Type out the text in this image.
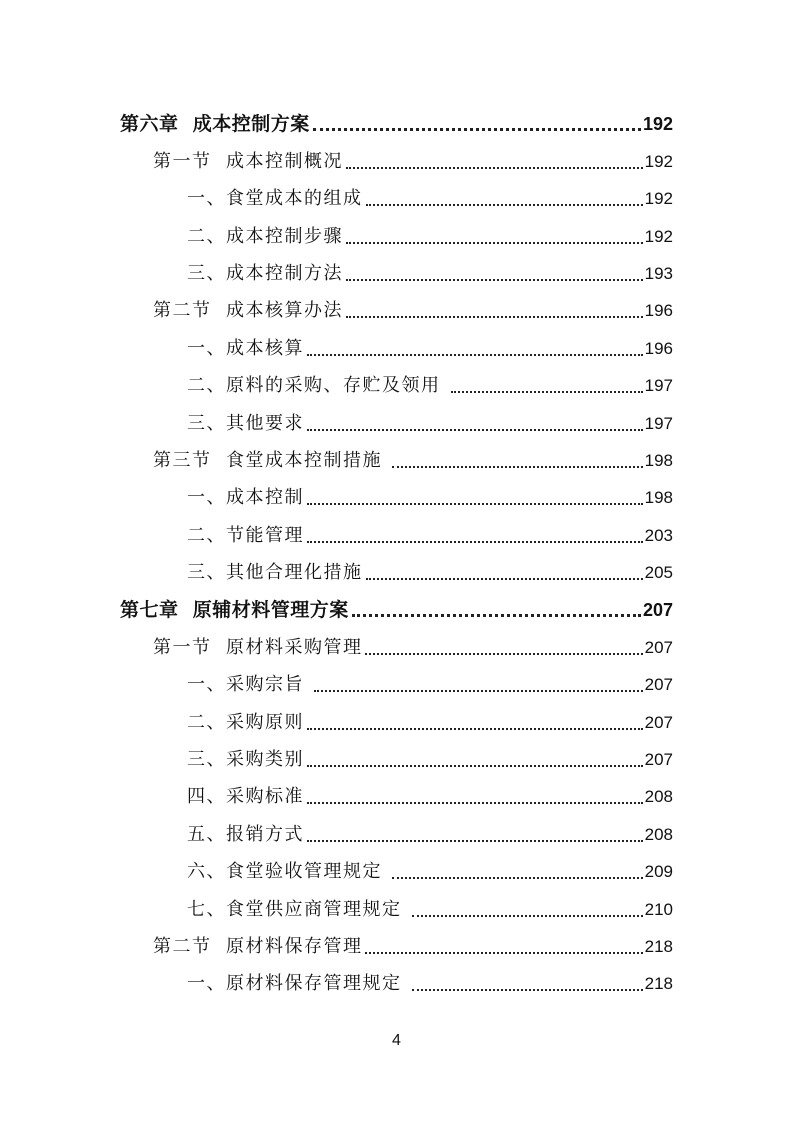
第六章  成本控制方案	192
第一节  成本控制概况	192
一、食堂成本的组成	192
二、成本控制步骤	192
三、成本控制方法	193
第二节  成本核算办法	196
一、成本核算	196
二、原料的采购、存贮及领用	197
三、其他要求	197
第三节  食堂成本控制措施	198
一、成本控制	198
二、节能管理	203
三、其他合理化措施	205
第七章  原辅材料管理方案	207
第一节  原材料采购管理	207
一、采购宗旨	207
二、采购原则	207
三、采购类别	207
四、采购标准	208
五、报销方式	208
六、食堂验收管理规定	209
七、食堂供应商管理规定	210
第二节  原材料保存管理	218
一、原材料保存管理规定	218
4
